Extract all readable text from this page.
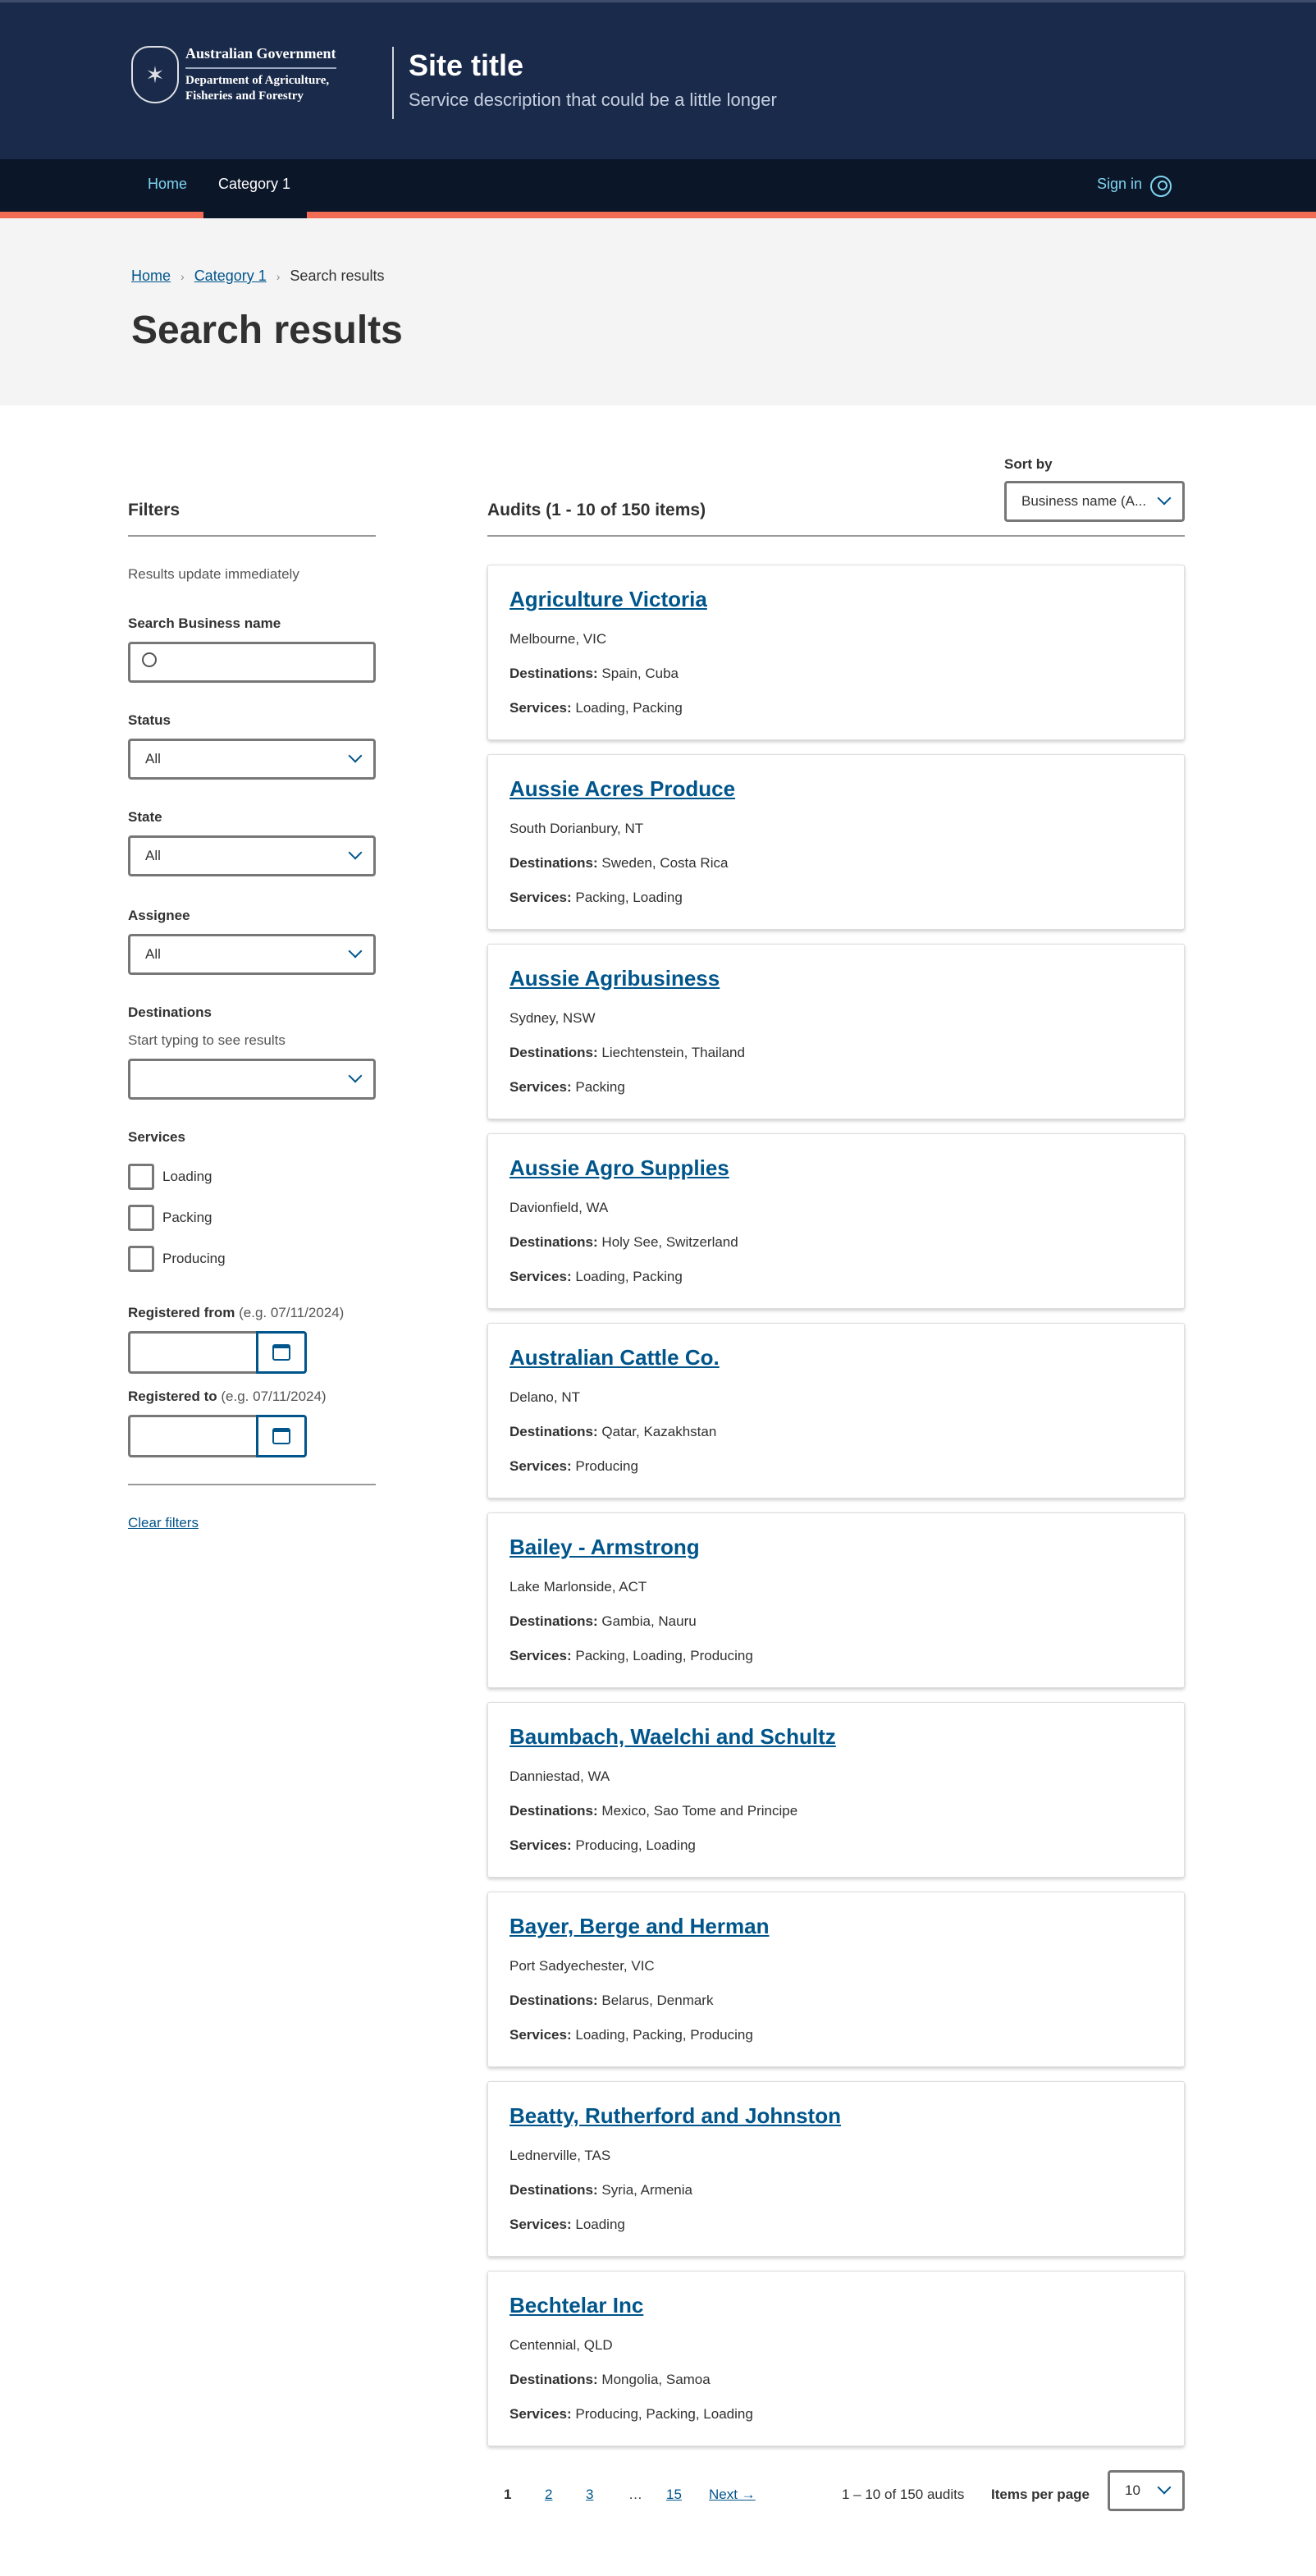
✶
Australian Government
Department of Agriculture,
Fisheries and Forestry
Site title
Service description that could be a little longer
Home Category 1	Sign in
Home › Category 1 › Search results
Search results
Filters
Results update immediately
Search Business name
Status
All
State
All
Assignee
All
Destinations
Start typing to see results
Services
Loading
Packing
Producing
Registered from (e.g. 07/11/2024)
Registered to (e.g. 07/11/2024)
Clear filters
Sort by
Business name (A...
Audits (1 - 10 of 150 items)
Agriculture Victoria
Melbourne, VIC
Destinations: Spain, Cuba
Services: Loading, Packing
Aussie Acres Produce
South Dorianbury, NT
Destinations: Sweden, Costa Rica
Services: Packing, Loading
Aussie Agribusiness
Sydney, NSW
Destinations: Liechtenstein, Thailand
Services: Packing
Aussie Agro Supplies
Davionfield, WA
Destinations: Holy See, Switzerland
Services: Loading, Packing
Australian Cattle Co.
Delano, NT
Destinations: Qatar, Kazakhstan
Services: Producing
Bailey - Armstrong
Lake Marlonside, ACT
Destinations: Gambia, Nauru
Services: Packing, Loading, Producing
Baumbach, Waelchi and Schultz
Danniestad, WA
Destinations: Mexico, Sao Tome and Principe
Services: Producing, Loading
Bayer, Berge and Herman
Port Sadyechester, VIC
Destinations: Belarus, Denmark
Services: Loading, Packing, Producing
Beatty, Rutherford and Johnston
Lednerville, TAS
Destinations: Syria, Armenia
Services: Loading
Bechtelar Inc
Centennial, QLD
Destinations: Mongolia, Samoa
Services: Producing, Packing, Loading
1 2 3	… 15 Next →	1 – 10 of 150 audits Items per page	10
